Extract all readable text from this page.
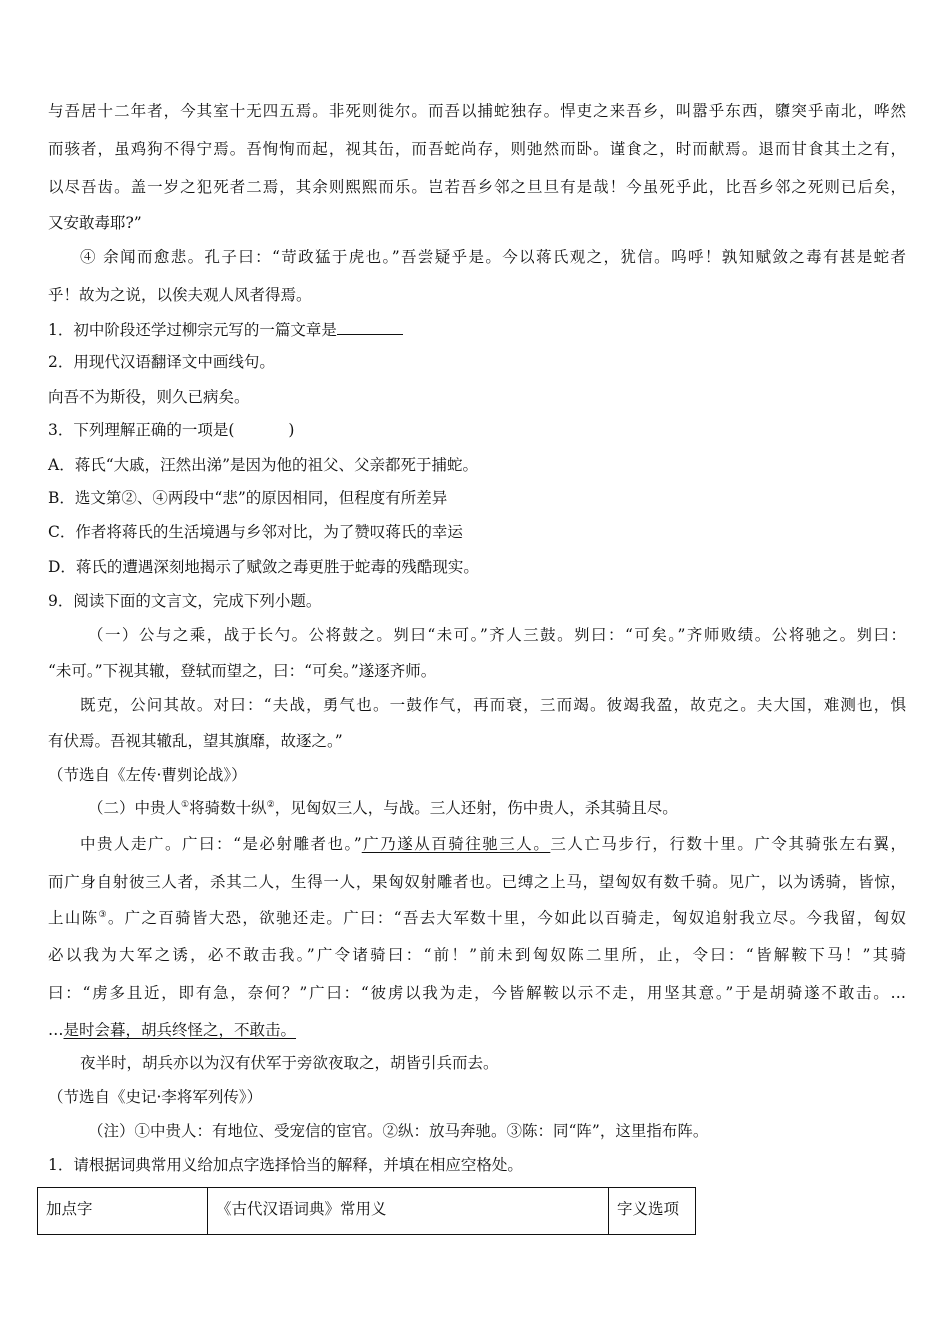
与吾居十二年者，今其室十无四五焉。非死则徙尔。而吾以捕蛇独存。悍吏之来吾乡，叫嚣乎东西，隳突乎南北，哗然
而骇者，虽鸡狗不得宁焉。吾恂恂而起，视其缶，而吾蛇尚存，则弛然而卧。谨食之，时而献焉。退而甘食其土之有，
以尽吾齿。盖一岁之犯死者二焉，其余则熙熙而乐。岂若吾乡邻之旦旦有是哉！今虽死乎此，比吾乡邻之死则已后矣，
又安敢毒耶?”
④ 余闻而愈悲。孔子曰：“苛政猛于虎也。”吾尝疑乎是。今以蒋氏观之，犹信。呜呼！孰知赋敛之毒有甚是蛇者
乎！故为之说，以俟夫观人风者得焉。
1．初中阶段还学过柳宗元写的一篇文章是
2．用现代汉语翻译文中画线句。
向吾不为斯役，则久已病矣。
3．下列理解正确的一项是(	)
A．蒋氏“大戚，汪然出涕”是因为他的祖父、父亲都死于捕蛇。
B．选文第②、④两段中“悲”的原因相同，但程度有所差异
C．作者将蒋氏的生活境遇与乡邻对比，为了赞叹蒋氏的幸运
D．蒋氏的遭遇深刻地揭示了赋敛之毒更胜于蛇毒的残酷现实。
9．阅读下面的文言文，完成下列小题。
（一）公与之乘，战于长勺。公将鼓之。刿曰“未可。”齐人三鼓。刿曰：“可矣。”齐师败绩。公将驰之。刿曰：
“未可。”下视其辙，登轼而望之，曰：“可矣。”遂逐齐师。
既克，公问其故。对曰：“夫战，勇气也。一鼓作气，再而衰，三而竭。彼竭我盈，故克之。夫大国，难测也，惧
有伏焉。吾视其辙乱，望其旗靡，故逐之。”
（节选自《左传·曹刿论战》）
（二）中贵人①将骑数十纵②，见匈奴三人，与战。三人还射，伤中贵人，杀其骑且尽。
中贵人走广。广曰：“是必射雕者也。”广乃遂从百骑往驰三人。三人亡马步行，行数十里。广令其骑张左右翼，
而广身自射彼三人者，杀其二人，生得一人，果匈奴射雕者也。已缚之上马，望匈奴有数千骑。见广，以为诱骑，皆惊，
上山陈③。广之百骑皆大恐，欲驰还走。广曰：“吾去大军数十里，今如此以百骑走，匈奴追射我立尽。今我留，匈奴
必以我为大军之诱，必不敢击我。”广令诸骑曰：“前！”前未到匈奴陈二里所，止，令曰：“皆解鞍下马！”其骑
曰：“虏多且近，即有急，奈何？”广曰：“彼虏以我为走，今皆解鞍以示不走，用坚其意。”于是胡骑遂不敢击。…
…是时会暮，胡兵终怪之，不敢击。
夜半时，胡兵亦以为汉有伏军于旁欲夜取之，胡皆引兵而去。
（节选自《史记·李将军列传》）
（注）①中贵人：有地位、受宠信的宦官。②纵：放马奔驰。③陈：同“阵”，这里指布阵。
1．请根据词典常用义给加点字选择恰当的解释，并填在相应空格处。
加点字	《古代汉语词典》常用义	字义选项
